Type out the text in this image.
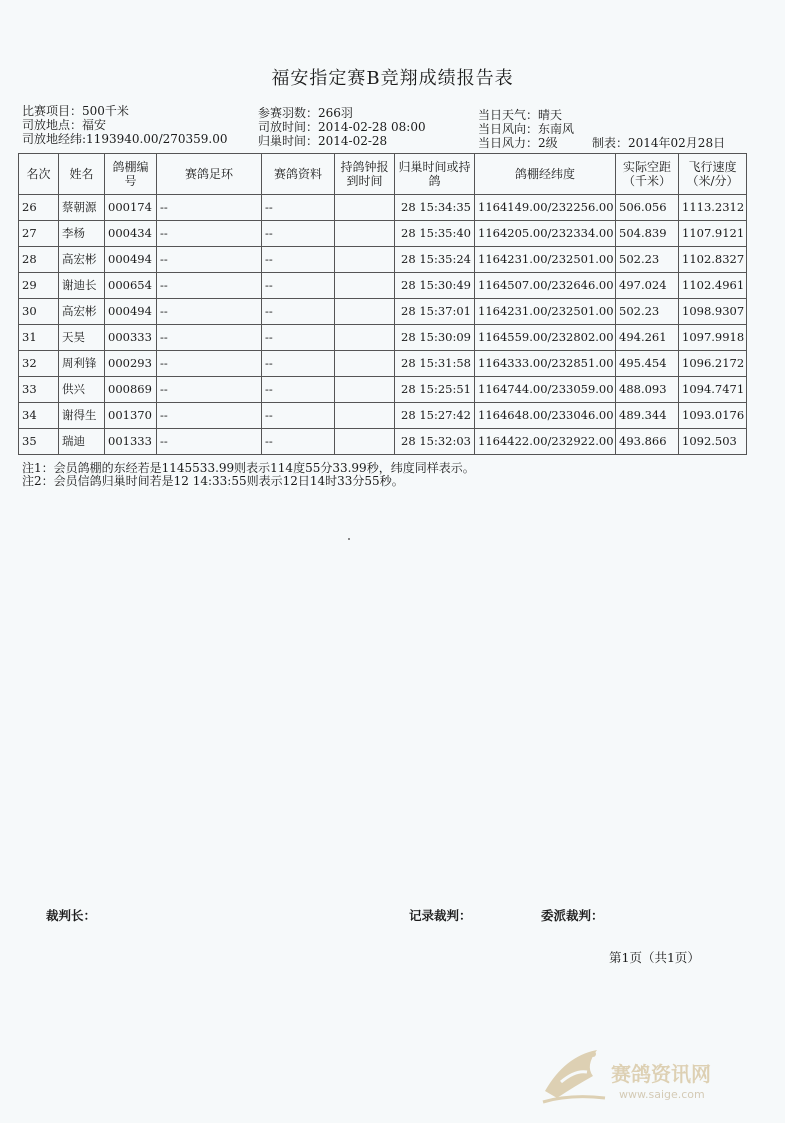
福安指定赛B竞翔成绩报告表
比赛项目：500千米
司放地点：福安
司放地经纬:1193940.00/270359.00
参赛羽数：266羽
司放时间：2014-02-28 08:00
归巢时间：2014-02-28
当日天气：晴天
当日风向：东南风
当日风力：2级	制表：2014年02月28日
名次	姓名	鸽棚编号	赛鸽足环	赛鸽资料	持鸽钟报到时间	归巢时间或持鸽	鸽棚经纬度	实际空距（千米）	飞行速度（米/分）
26	蔡朝源	000174	--	--		28 15:34:35	1164149.00/232256.00	506.056	1113.2312
27	李杨	000434	--	--		28 15:35:40	1164205.00/232334.00	504.839	1107.9121
28	高宏彬	000494	--	--		28 15:35:24	1164231.00/232501.00	502.23	1102.8327
29	谢迪长	000654	--	--		28 15:30:49	1164507.00/232646.00	497.024	1102.4961
30	高宏彬	000494	--	--		28 15:37:01	1164231.00/232501.00	502.23	1098.9307
31	天昊	000333	--	--		28 15:30:09	1164559.00/232802.00	494.261	1097.9918
32	周利锋	000293	--	--		28 15:31:58	1164333.00/232851.00	495.454	1096.2172
33	供兴	000869	--	--		28 15:25:51	1164744.00/233059.00	488.093	1094.7471
34	谢得生	001370	--	--		28 15:27:42	1164648.00/233046.00	489.344	1093.0176
35	瑞迪	001333	--	--		28 15:32:03	1164422.00/232922.00	493.866	1092.503
注1：会员鸽棚的东经若是1145533.99则表示114度55分33.99秒，纬度同样表示。
注2：会员信鸽归巢时间若是12 14:33:55则表示12日14时33分55秒。
裁判长：	记录裁判：	委派裁判：
第1页（共1页）
赛鸽资讯网
www.saige.com
